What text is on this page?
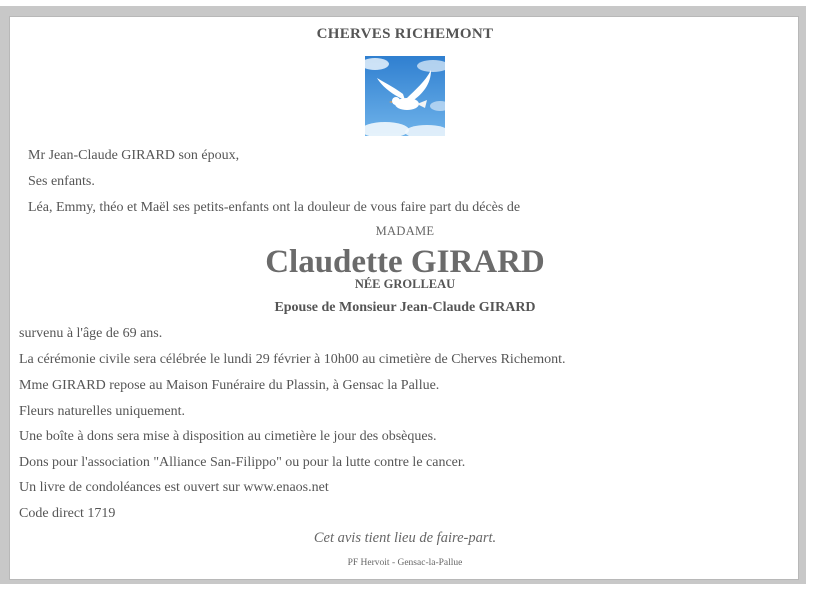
CHERVES RICHEMONT
Mr Jean-Claude GIRARD son époux,
Ses enfants.
Léa, Emmy, théo et Maël ses petits-enfants ont la douleur de vous faire part du décès de
MADAME
Claudette GIRARD
NÉE GROLLEAU
Epouse de Monsieur Jean-Claude GIRARD
survenu à l'âge de 69 ans.
La cérémonie civile sera célébrée le lundi 29 février à 10h00 au cimetière de Cherves Richemont.
Mme GIRARD repose au Maison Funéraire du Plassin, à Gensac la Pallue.
Fleurs naturelles uniquement.
Une boîte à dons sera mise à disposition au cimetière le jour des obsèques.
Dons pour l'association "Alliance San-Filippo" ou pour la lutte contre le cancer.
Un livre de condoléances est ouvert sur www.enaos.net
Code direct 1719
Cet avis tient lieu de faire-part.
PF Hervoit - Gensac-la-Pallue
